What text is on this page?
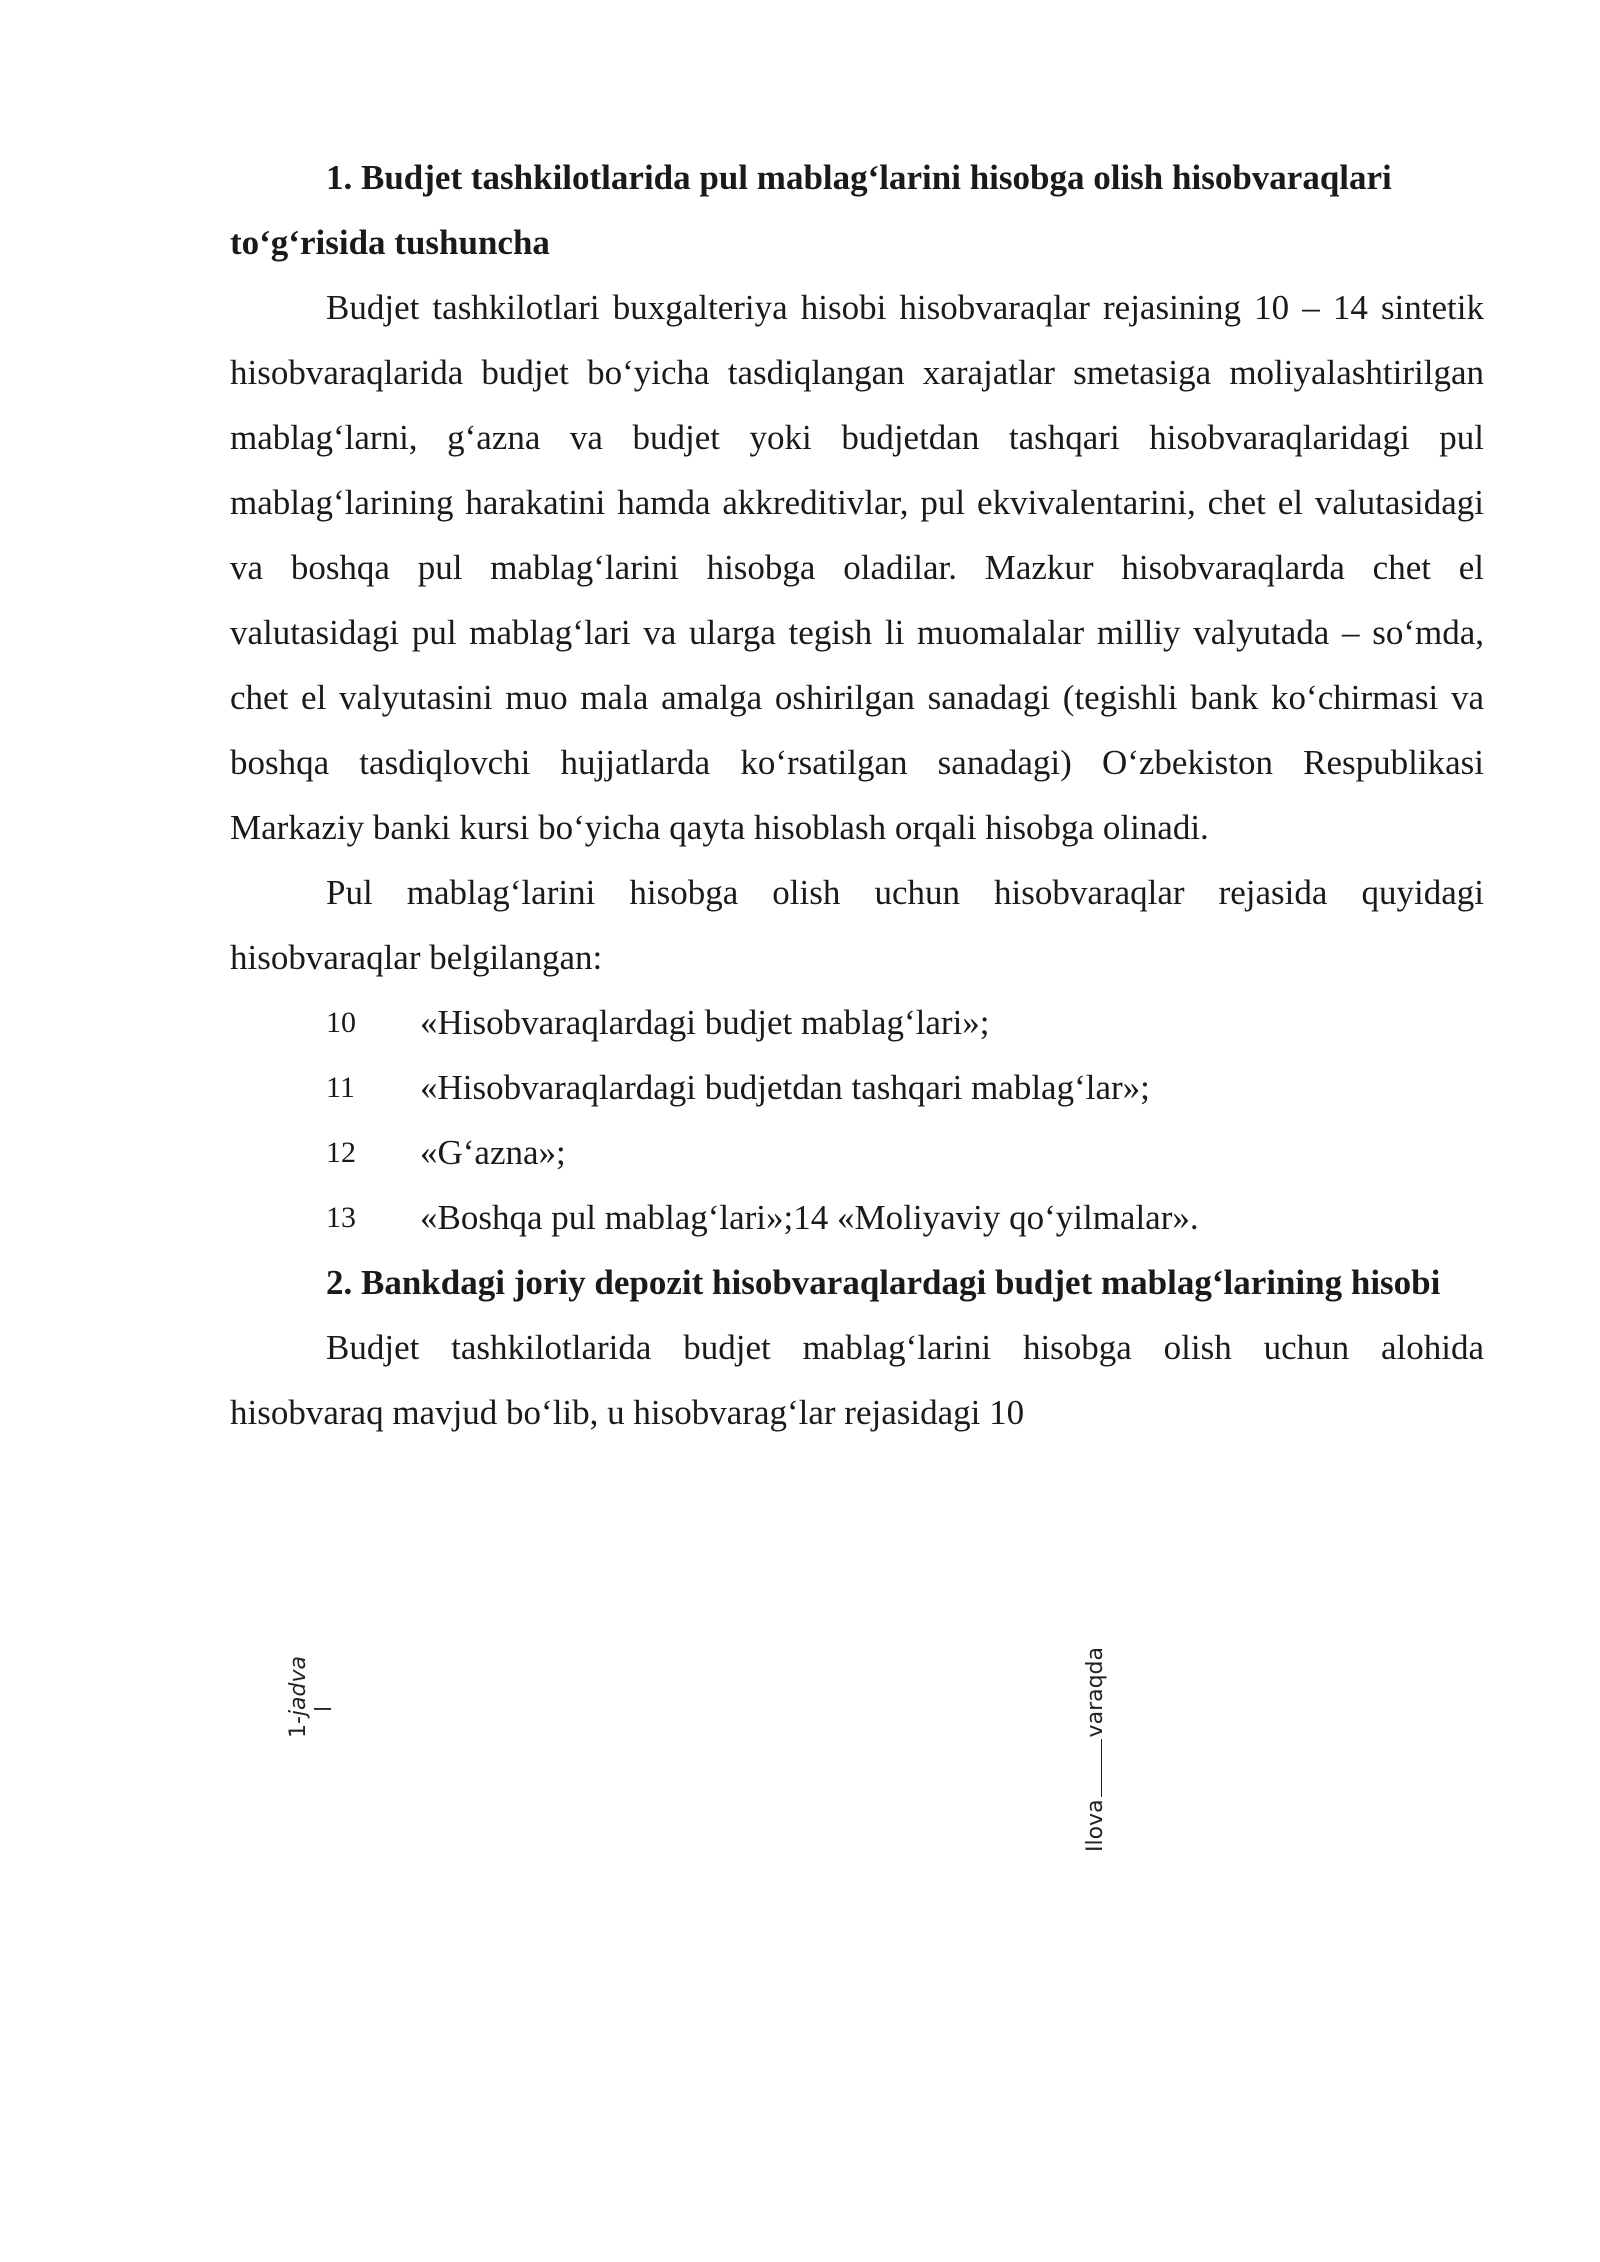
1. Budjet tashkilotlarida pul mablag‘larini hisobga olish hisobvaraqlari to‘g‘risida tushuncha

Budjet tashkilotlari buxgalteriya hisobi hisobvaraqlar rejasining 10 – 14 sintetik hisobvaraqlarida budjet bo‘yicha tasdiqlangan xarajatlar smetasiga moliyalashtirilgan mablag‘larni, g‘azna va budjet yoki budjetdan tashqari hisobvaraqlaridagi pul mablag‘larining harakatini hamda akkreditivlar, pul ekvivalentarini, chet el valutasidagi va boshqa pul mablag‘larini hisobga oladilar. Mazkur hisobvaraqlarda chet el valutasidagi pul mablag‘lari va ularga tegish li muomalalar milliy valyutada – so‘mda, chet el valyutasini muo mala amalga oshirilgan sanadagi (tegishli bank ko‘chirmasi va boshqa tasdiqlovchi hujjatlarda ko‘rsatilgan sanadagi) O‘zbekiston Respublikasi Markaziy banki kursi bo‘yicha qayta hisoblash orqali hisobga olinadi.

Pul mablag‘larini hisobga olish uchun hisobvaraqlar rejasida quyidagi hisobvaraqlar belgilangan:

10	«Hisobvaraqlardagi budjet mablag‘lari»;
11	«Hisobvaraqlardagi budjetdan tashqari mablag‘lar»;
12	«G‘azna»;
13	«Boshqa pul mablag‘lari»;14 «Moliyaviy qo‘yilmalar».

2. Bankdagi joriy depozit hisobvaraqlardagi budjet mablag‘larining hisobi

Budjet tashkilotlarida budjet mablag‘larini hisobga olish uchun alohida hisobvaraq mavjud bo‘lib, u hisobvarag‘lar rejasidagi 10

1-jadva
l
Ilovavaraqda
